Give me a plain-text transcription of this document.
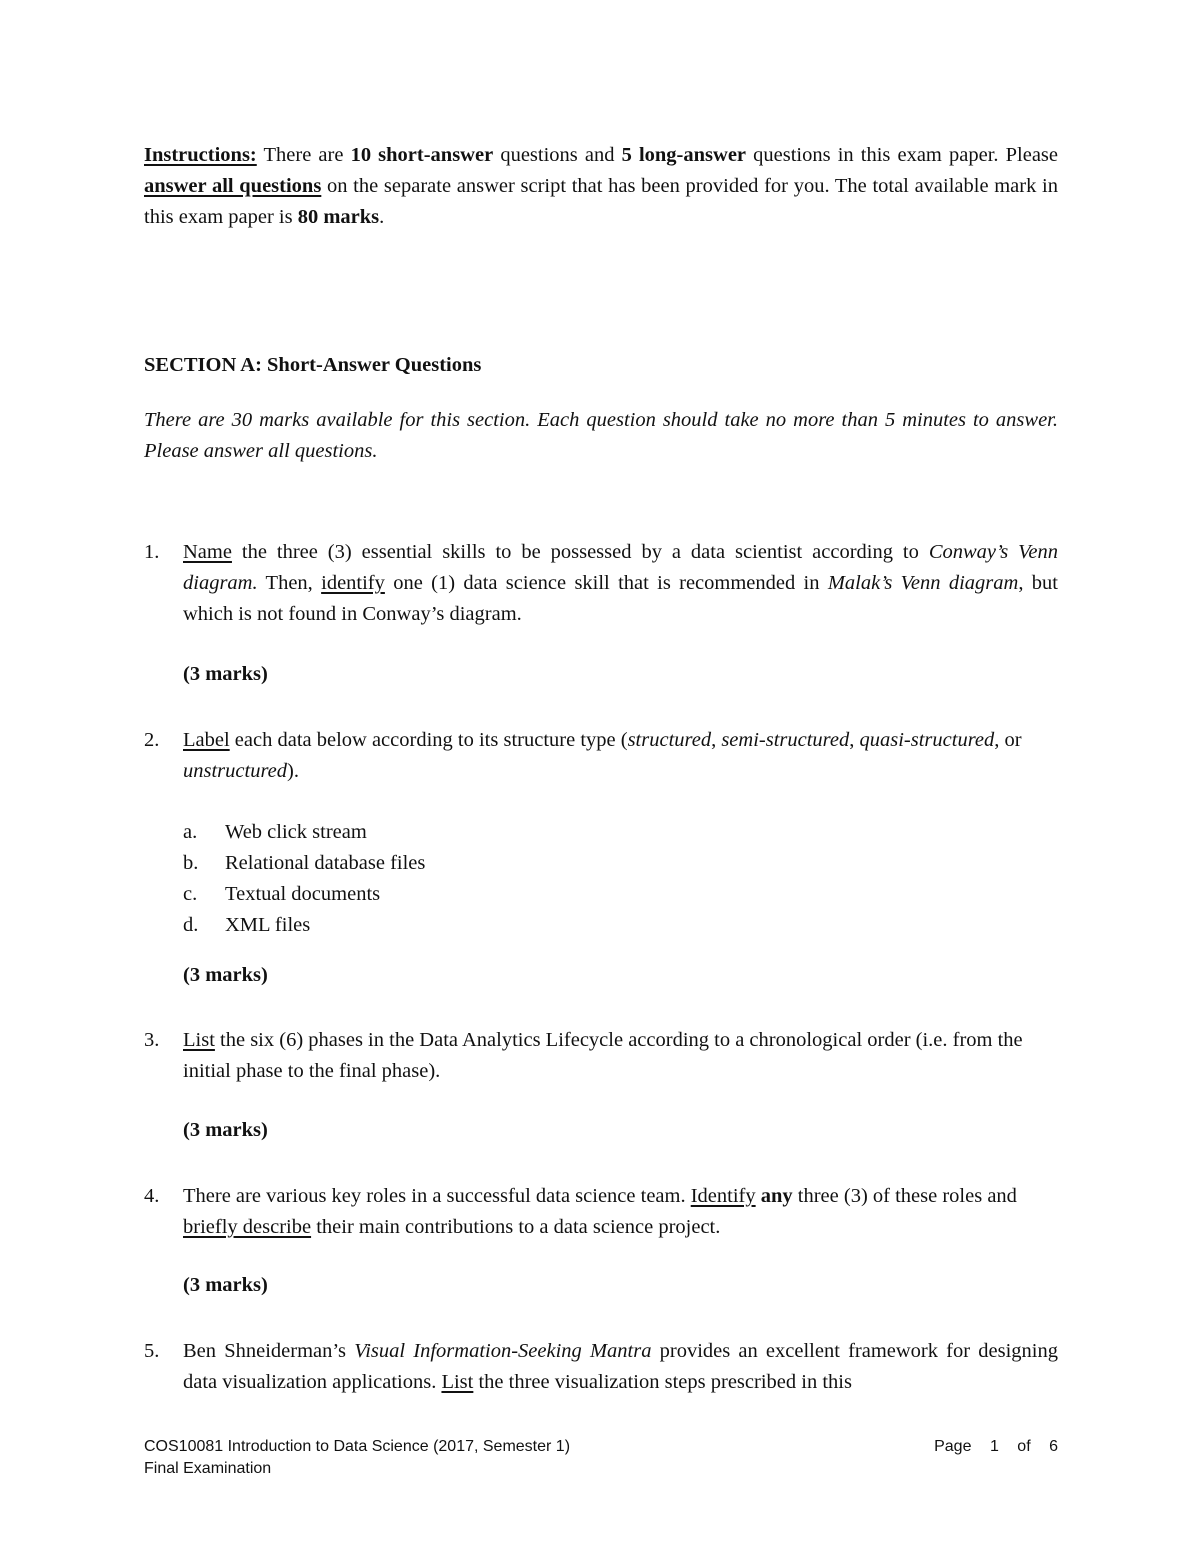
Instructions: There are 10 short-answer questions and 5 long-answer questions in this exam paper. Please answer all questions on the separate answer script that has been provided for you. The total available mark in this exam paper is 80 marks.
SECTION A: Short-Answer Questions
There are 30 marks available for this section. Each question should take no more than 5 minutes to answer. Please answer all questions.
1.	Name the three (3) essential skills to be possessed by a data scientist according to Conway’s Venn diagram. Then, identify one (1) data science skill that is recommended in Malak’s Venn diagram, but which is not found in Conway’s diagram.
(3 marks)
2.	Label each data below according to its structure type (structured, semi-structured, quasi-structured, or unstructured).
a. Web click stream
b. Relational database files
c. Textual documents
d. XML files
(3 marks)
3.	List the six (6) phases in the Data Analytics Lifecycle according to a chronological order (i.e. from the initial phase to the final phase).
(3 marks)
4.	There are various key roles in a successful data science team. Identify any three (3) of these roles and briefly describe their main contributions to a data science project.
(3 marks)
5.	Ben Shneiderman’s Visual Information-Seeking Mantra provides an excellent framework for designing data visualization applications. List the three visualization steps prescribed in this
COS10081 Introduction to Data Science (2017, Semester 1)
Final Examination
Page 1 of 6
